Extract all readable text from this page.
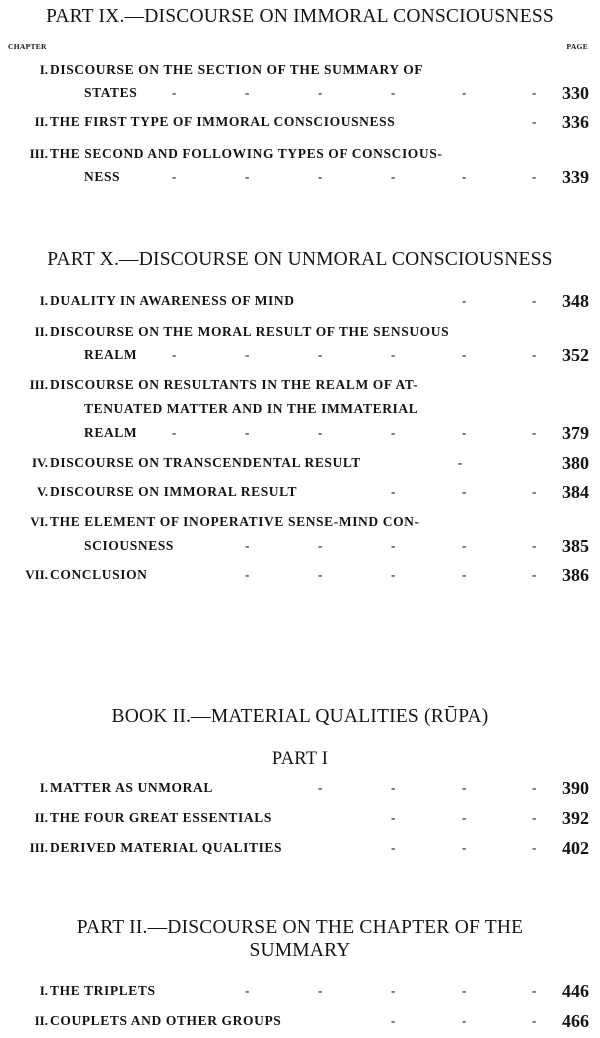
PART IX.—DISCOURSE ON IMMORAL CONSCIOUSNESS
CHAPTER	PAGE
I. DISCOURSE ON THE SECTION OF THE SUMMARY OF
STATES	-	-	-	-	-	- 330
II. THE FIRST TYPE OF IMMORAL CONSCIOUSNESS	- 336
III. THE SECOND AND FOLLOWING TYPES OF CONSCIOUS-
NESS	-	-	-	-	-	- 339
PART X.—DISCOURSE ON UNMORAL CONSCIOUSNESS
I. DUALITY IN AWARENESS OF MIND	-	- 348
II. DISCOURSE ON THE MORAL RESULT OF THE SENSUOUS
REALM	-	-	-	-	-	- 352
III. DISCOURSE ON RESULTANTS IN THE REALM OF AT-
TENUATED MATTER AND IN THE IMMATERIAL
REALM	-	-	-	-	-	- 379
IV. DISCOURSE ON TRANSCENDENTAL RESULT	-	380
V. DISCOURSE ON IMMORAL RESULT	-	-	- 384
VI. THE ELEMENT OF INOPERATIVE SENSE-MIND CON-
SCIOUSNESS	-	-	-	-	- 385
VII. CONCLUSION	-	-	-	-	- 386
BOOK II.—MATERIAL QUALITIES (RŪPA)
PART I
I. MATTER AS UNMORAL	-	-	-	- 390
II. THE FOUR GREAT ESSENTIALS	-	-	- 392
III. DERIVED MATERIAL QUALITIES	-	-	- 402
PART II.—DISCOURSE ON THE CHAPTER OF THE
SUMMARY
I. THE TRIPLETS	-	-	-	-	- 446
II. COUPLETS AND OTHER GROUPS	-	-	- 466
